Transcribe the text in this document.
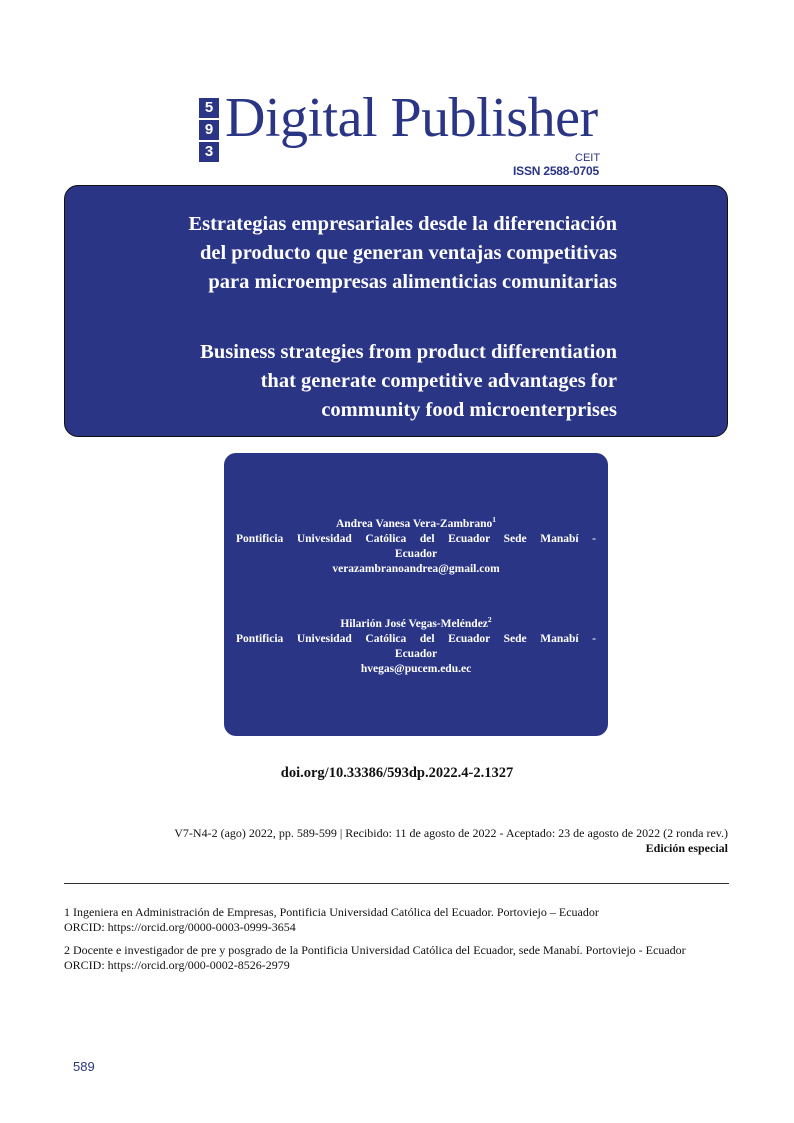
5
9
3
Digital Publisher
CEIT
ISSN 2588-0705
Estrategias empresariales desde la diferenciación
del producto que generan ventajas competitivas
para microempresas alimenticias comunitarias
Business strategies from product differentiation
that generate competitive advantages for
community food microenterprises
Andrea Vanesa Vera-Zambrano$^1$
Pontificia Univesidad Católica del Ecuador Sede Manabí -
Ecuador
verazambranoandrea@gmail.com
Hilarión José Vegas-Meléndez$^2$
Pontificia Univesidad Católica del Ecuador Sede Manabí -
Ecuador
hvegas@pucem.edu.ec
doi.org/10.33386/593dp.2022.4-2.1327
V7-N4-2 (ago) 2022, pp. 589-599 | Recibido: 11 de agosto de 2022 - Aceptado: 23 de agosto de 2022 (2 ronda rev.)
Edición especial
1 Ingeniera en Administración de Empresas, Pontificia Universidad Católica del Ecuador. Portoviejo – Ecuador
ORCID: https://orcid.org/0000-0003-0999-3654
2 Docente e investigador de pre y posgrado de la Pontificia Universidad Católica del Ecuador, sede Manabí. Portoviejo - Ecuador
ORCID: https://orcid.org/000-0002-8526-2979
589
